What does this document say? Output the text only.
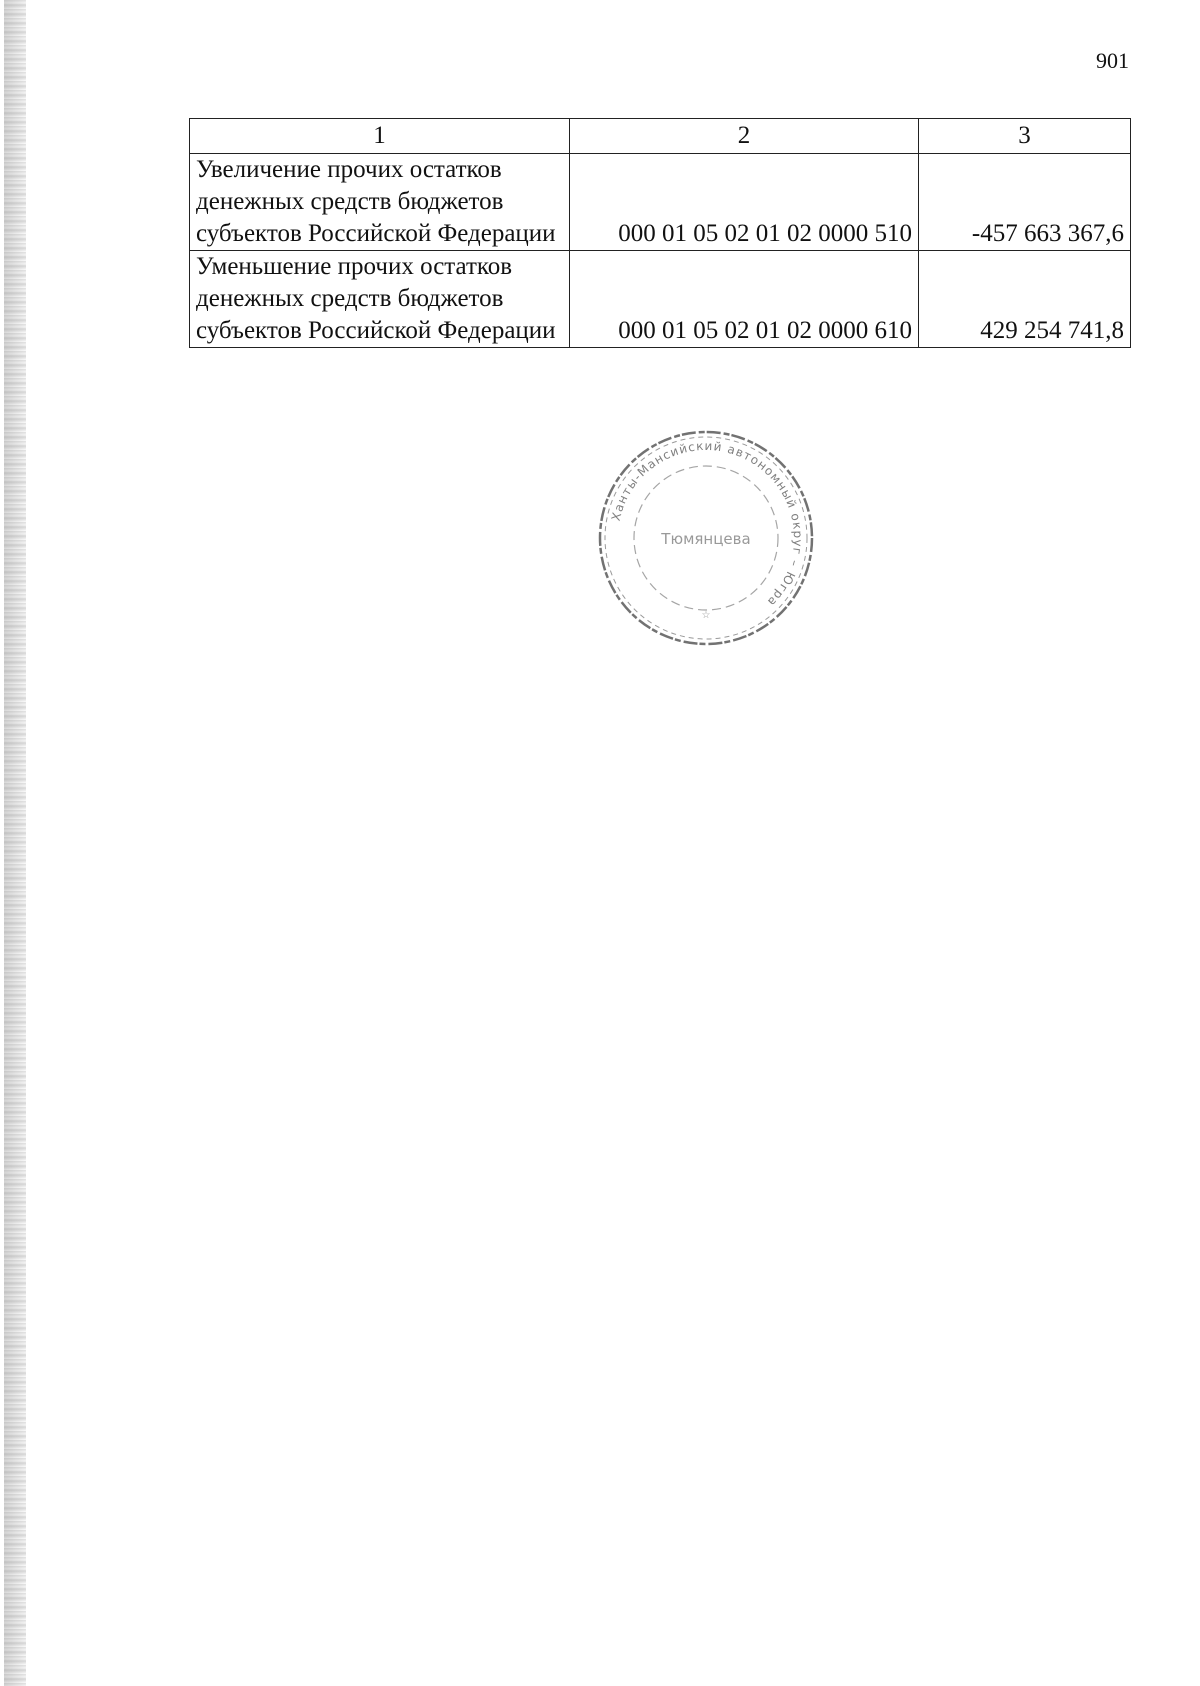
901
1	2	3
Увеличение прочих остатков денежных средств бюджетов субъектов Российской Федерации	000 01 05 02 01 02 0000 510	-457 663 367,6
Уменьшение прочих остатков денежных средств бюджетов субъектов Российской Федерации	000 01 05 02 01 02 0000 610	429 254 741,8
Ханты-Мансийский автономный округ – Югра
Тюмянцева
☆
